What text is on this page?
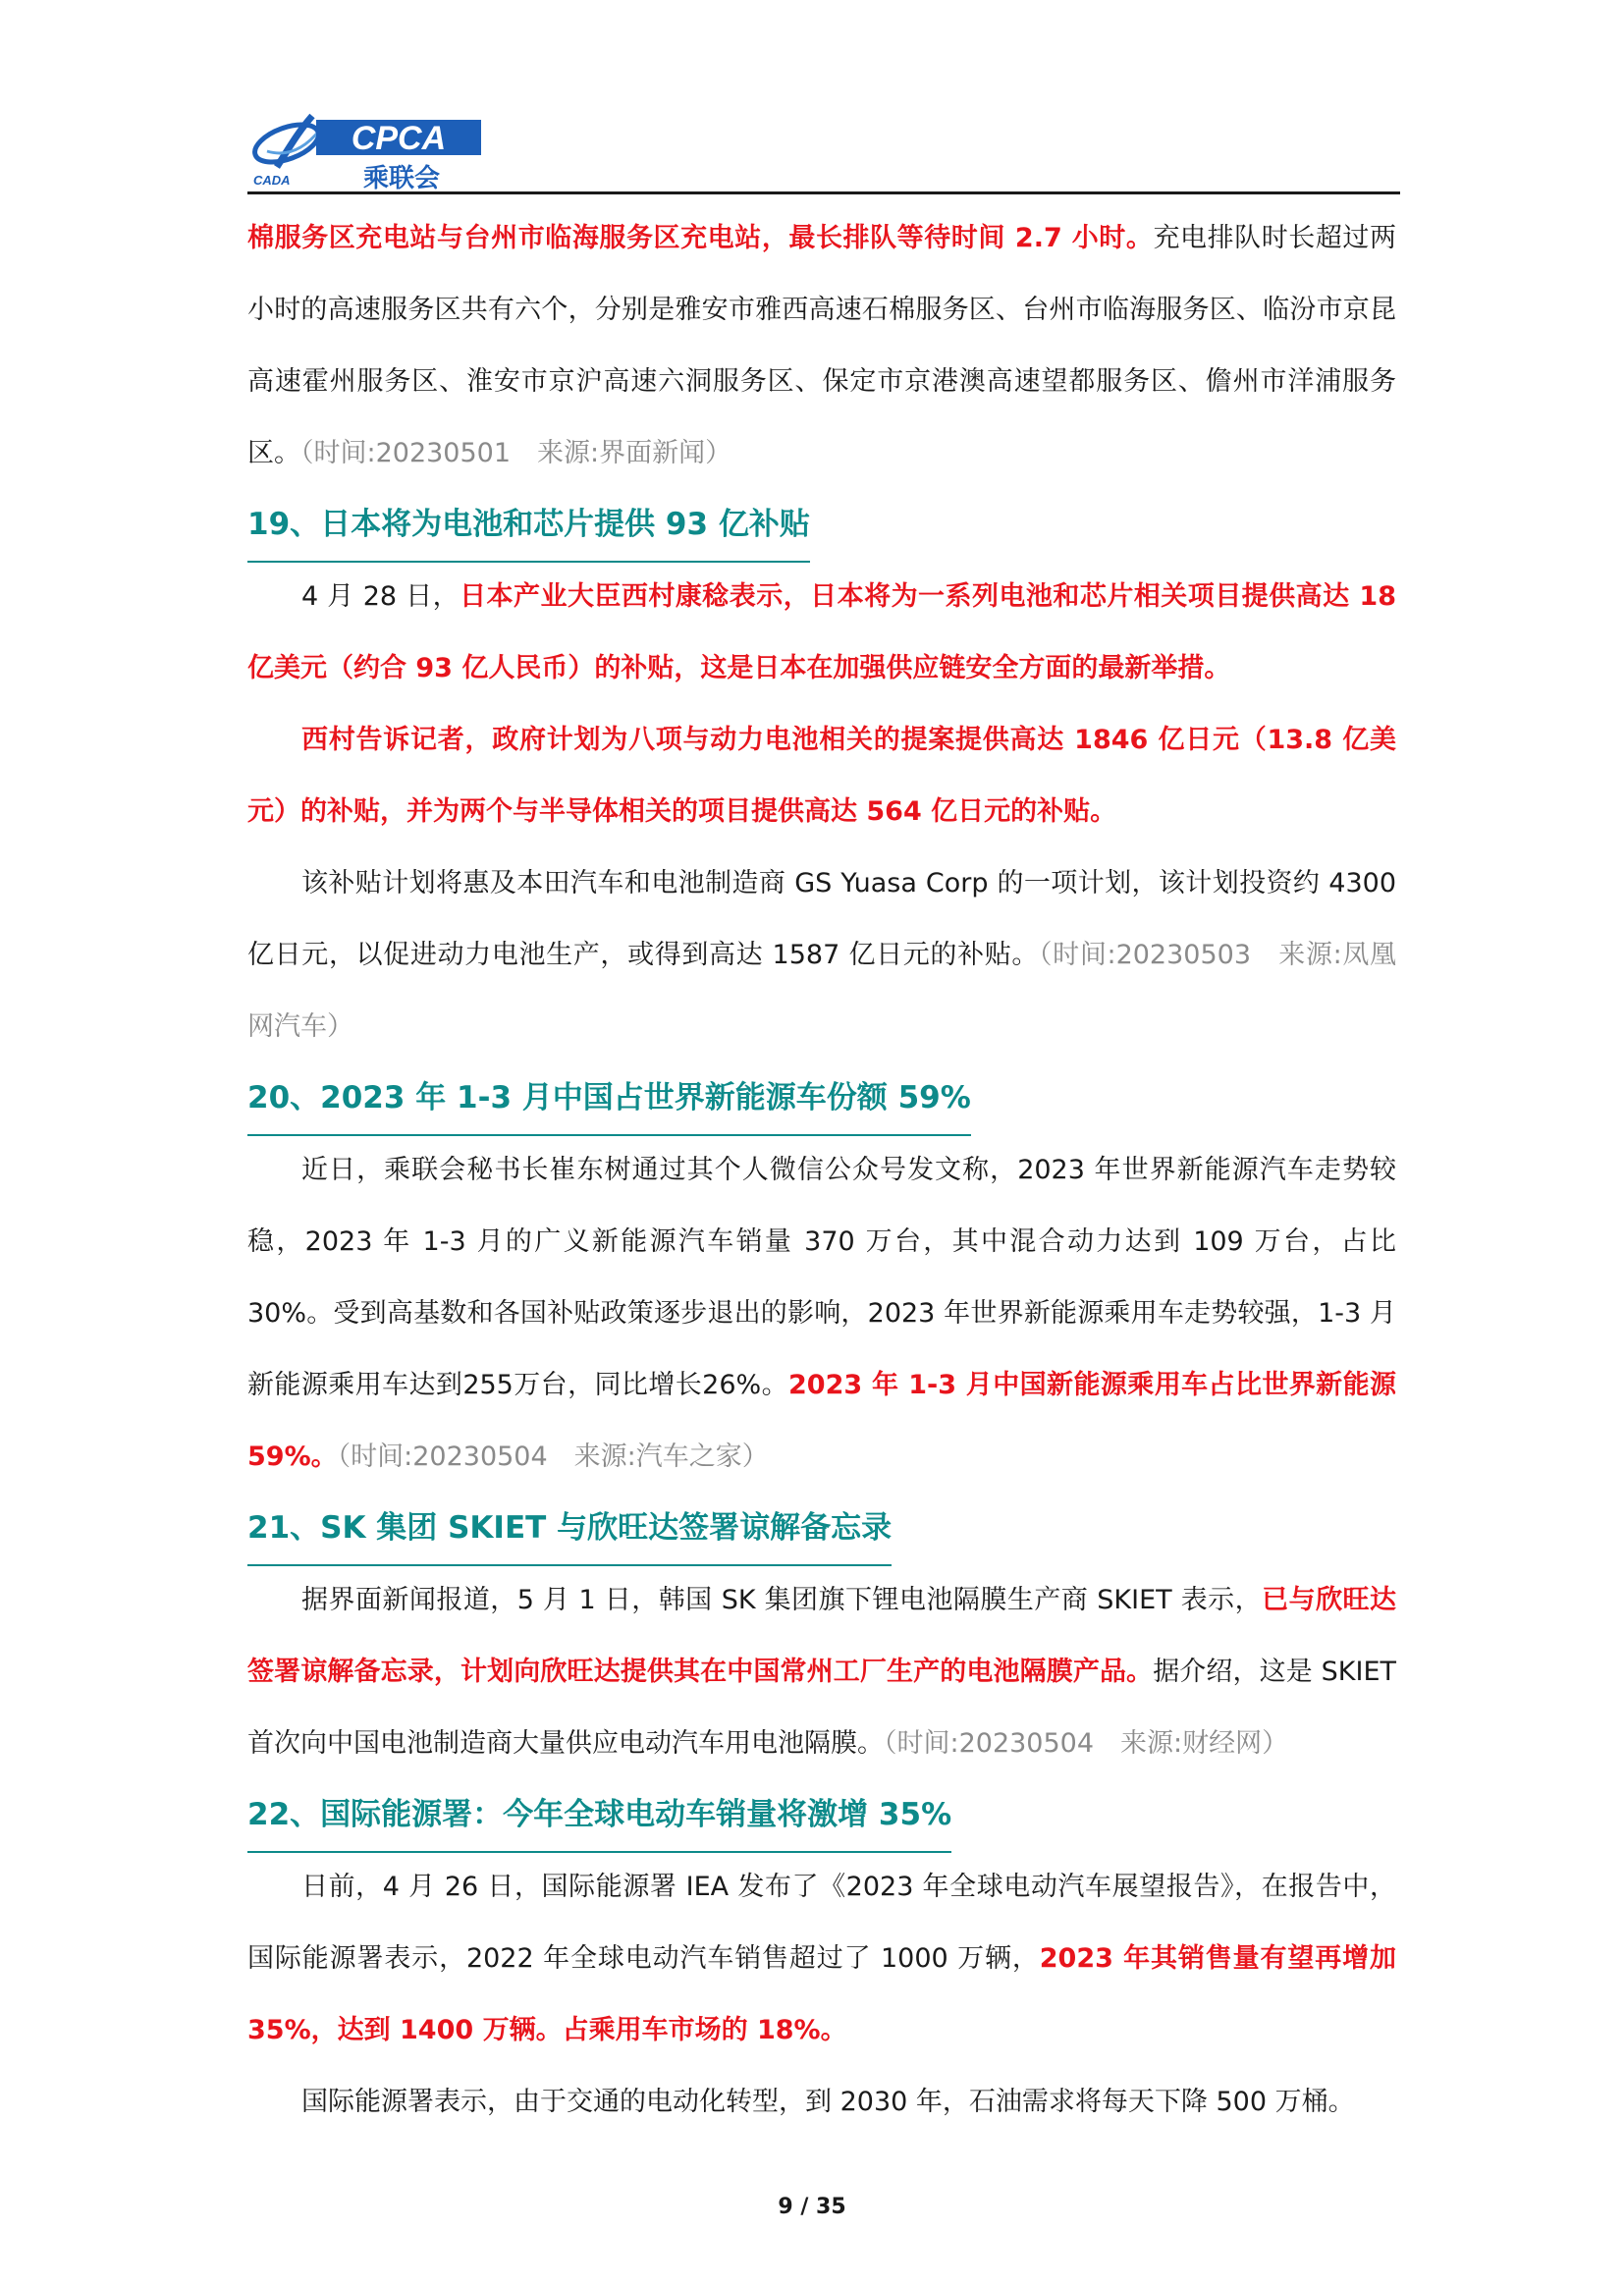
CPCA
CADA	乘联会

棉服务区充电站与台州市临海服务区充电站，最长排队等待时间 2.7 小时。充电排队时长超过两小时的高速服务区共有六个，分别是雅安市雅西高速石棉服务区、台州市临海服务区、临汾市京昆高速霍州服务区、淮安市京沪高速六洞服务区、保定市京港澳高速望都服务区、儋州市洋浦服务区。（时间:20230501　来源:界面新闻）

19、日本将为电池和芯片提供 93 亿补贴

4 月 28 日，日本产业大臣西村康稔表示，日本将为一系列电池和芯片相关项目提供高达 18 亿美元（约合 93 亿人民币）的补贴，这是日本在加强供应链安全方面的最新举措。

西村告诉记者，政府计划为八项与动力电池相关的提案提供高达 1846 亿日元（13.8 亿美元）的补贴，并为两个与半导体相关的项目提供高达 564 亿日元的补贴。

该补贴计划将惠及本田汽车和电池制造商 GS Yuasa Corp 的一项计划，该计划投资约 4300 亿日元，以促进动力电池生产，或得到高达 1587 亿日元的补贴。（时间:20230503　来源:凤凰网汽车）

20、2023 年 1-3 月中国占世界新能源车份额 59%

近日，乘联会秘书长崔东树通过其个人微信公众号发文称，2023 年世界新能源汽车走势较稳，2023 年 1-3 月的广义新能源汽车销量 370 万台，其中混合动力达到 109 万台，占比 30%。受到高基数和各国补贴政策逐步退出的影响，2023 年世界新能源乘用车走势较强，1-3 月新能源乘用车达到255万台，同比增长26%。2023 年 1-3 月中国新能源乘用车占比世界新能源 59%。（时间:20230504　来源:汽车之家）

21、SK 集团 SKIET 与欣旺达签署谅解备忘录

据界面新闻报道，5 月 1 日，韩国 SK 集团旗下锂电池隔膜生产商 SKIET 表示，已与欣旺达签署谅解备忘录，计划向欣旺达提供其在中国常州工厂生产的电池隔膜产品。据介绍，这是 SKIET 首次向中国电池制造商大量供应电动汽车用电池隔膜。（时间:20230504　来源:财经网）

22、国际能源署：今年全球电动车销量将激增 35%

日前，4 月 26 日，国际能源署 IEA 发布了《2023 年全球电动汽车展望报告》，在报告中，国际能源署表示，2022 年全球电动汽车销售超过了 1000 万辆，2023 年其销售量有望再增加 35%，达到 1400 万辆。占乘用车市场的 18%。

国际能源署表示，由于交通的电动化转型，到 2030 年，石油需求将每天下降 500 万桶。

9 / 35
